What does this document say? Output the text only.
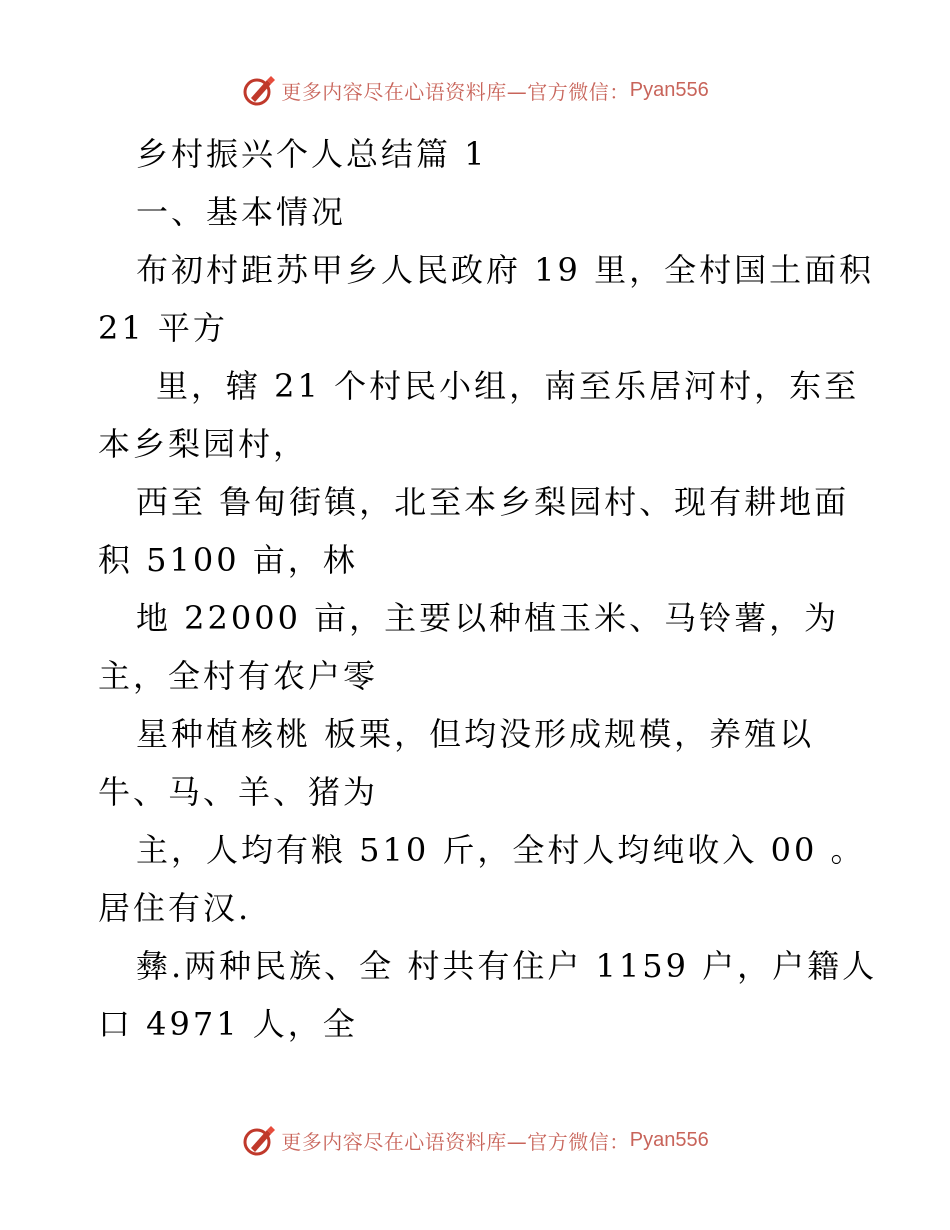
更多内容尽在心语资料库—官方微信： Pyan556
乡村振兴个人总结篇 1
一、基本情况
布初村距苏甲乡人民政府 19 里，全村国土面积
21 平方
里，辖 21 个村民小组，南至乐居河村，东至
本乡梨园村，
西至 鲁甸街镇，北至本乡梨园村、现有耕地面
积 5100 亩，林
地 22000 亩，主要以种植玉米、马铃薯，为
主，全村有农户零
星种植核桃 板栗，但均没形成规模，养殖以
牛、马、羊、猪为
主，人均有粮 510 斤，全村人均纯收入 00 。
居住有汉.
彝.两种民族、全 村共有住户 1159 户，户籍人
口 4971 人，全
更多内容尽在心语资料库—官方微信： Pyan556
